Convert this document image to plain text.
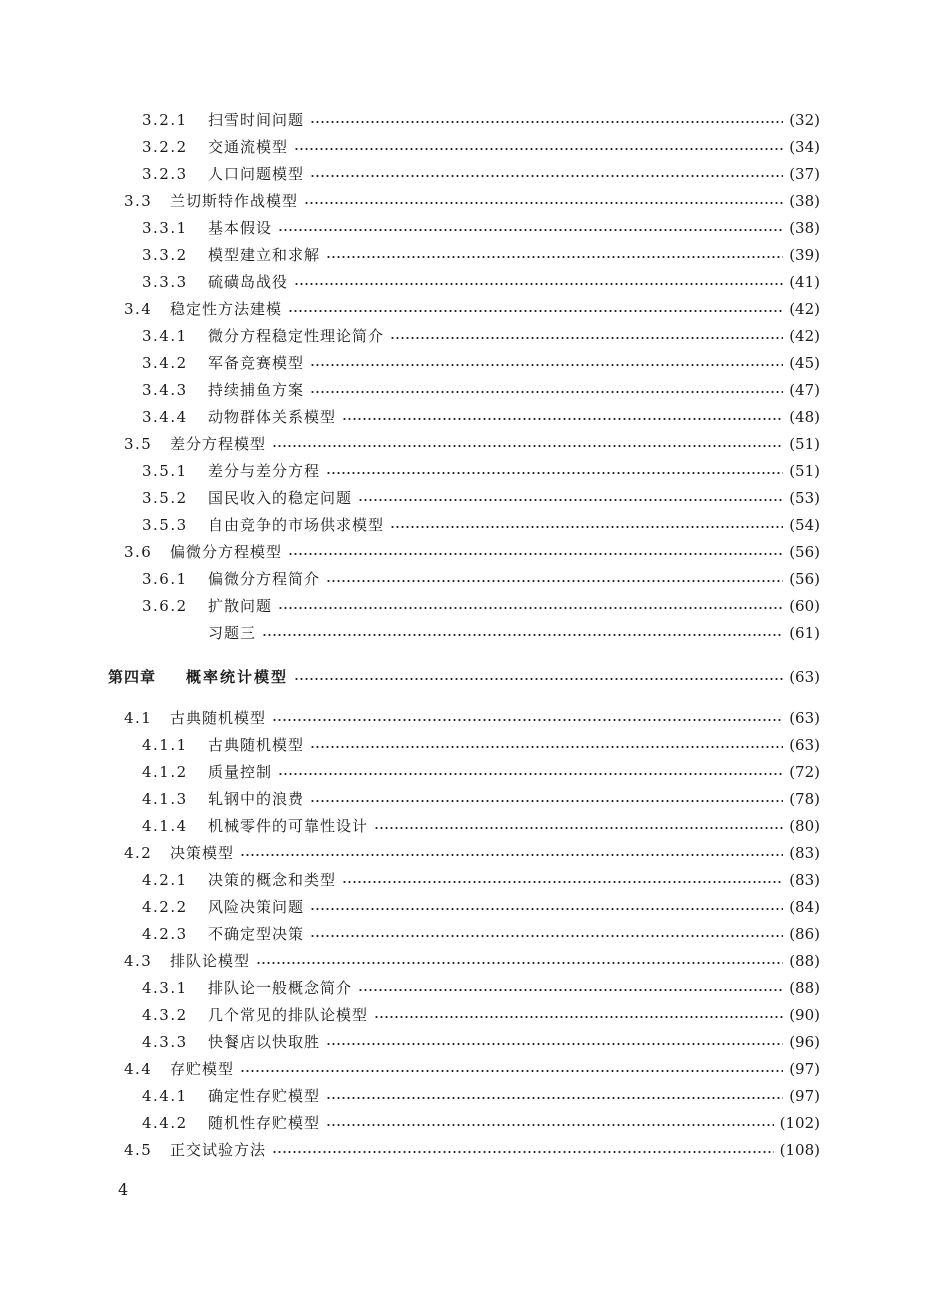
3.2.1	扫雪时间问题	(32)
3.2.2	交通流模型	(34)
3.2.3	人口问题模型	(37)
3.3	兰切斯特作战模型	(38)
3.3.1	基本假设	(38)
3.3.2	模型建立和求解	(39)
3.3.3	硫磺岛战役	(41)
3.4	稳定性方法建模	(42)
3.4.1	微分方程稳定性理论简介	(42)
3.4.2	军备竞赛模型	(45)
3.4.3	持续捕鱼方案	(47)
3.4.4	动物群体关系模型	(48)
3.5	差分方程模型	(51)
3.5.1	差分与差分方程	(51)
3.5.2	国民收入的稳定问题	(53)
3.5.3	自由竞争的市场供求模型	(54)
3.6	偏微分方程模型	(56)
3.6.1	偏微分方程简介	(56)
3.6.2	扩散问题	(60)
习题三	(61)
第四章	概率统计模型	(63)
4.1	古典随机模型	(63)
4.1.1	古典随机模型	(63)
4.1.2	质量控制	(72)
4.1.3	轧钢中的浪费	(78)
4.1.4	机械零件的可靠性设计	(80)
4.2	决策模型	(83)
4.2.1	决策的概念和类型	(83)
4.2.2	风险决策问题	(84)
4.2.3	不确定型决策	(86)
4.3	排队论模型	(88)
4.3.1	排队论一般概念简介	(88)
4.3.2	几个常见的排队论模型	(90)
4.3.3	快餐店以快取胜	(96)
4.4	存贮模型	(97)
4.4.1	确定性存贮模型	(97)
4.4.2	随机性存贮模型	(102)
4.5	正交试验方法	(108)
4
